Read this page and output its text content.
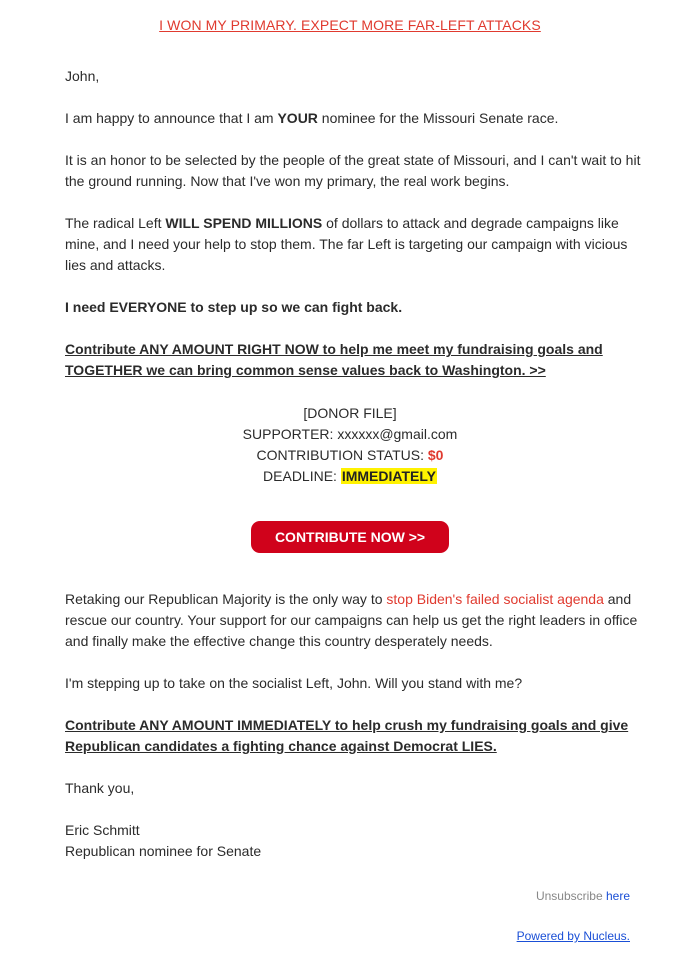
I WON MY PRIMARY. EXPECT MORE FAR-LEFT ATTACKS

John,

I am happy to announce that I am YOUR nominee for the Missouri Senate race.

It is an honor to be selected by the people of the great state of Missouri, and I can't wait to hit the ground running. Now that I've won my primary, the real work begins.

The radical Left WILL SPEND MILLIONS of dollars to attack and degrade campaigns like mine, and I need your help to stop them. The far Left is targeting our campaign with vicious lies and attacks.

I need EVERYONE to step up so we can fight back.

Contribute ANY AMOUNT RIGHT NOW to help me meet my fundraising goals and TOGETHER we can bring common sense values back to Washington. >>

[DONOR FILE]
SUPPORTER: xxxxxx@gmail.com
CONTRIBUTION STATUS: $0
DEADLINE: IMMEDIATELY
CONTRIBUTE NOW >>

Retaking our Republican Majority is the only way to stop Biden's failed socialist agenda and rescue our country. Your support for our campaigns can help us get the right leaders in office and finally make the effective change this country desperately needs.

I'm stepping up to take on the socialist Left, John. Will you stand with me?

Contribute ANY AMOUNT IMMEDIATELY to help crush my fundraising goals and give Republican candidates a fighting chance against Democrat LIES.

Thank you,

Eric Schmitt

Republican nominee for Senate

Unsubscribe here
Powered by Nucleus.
